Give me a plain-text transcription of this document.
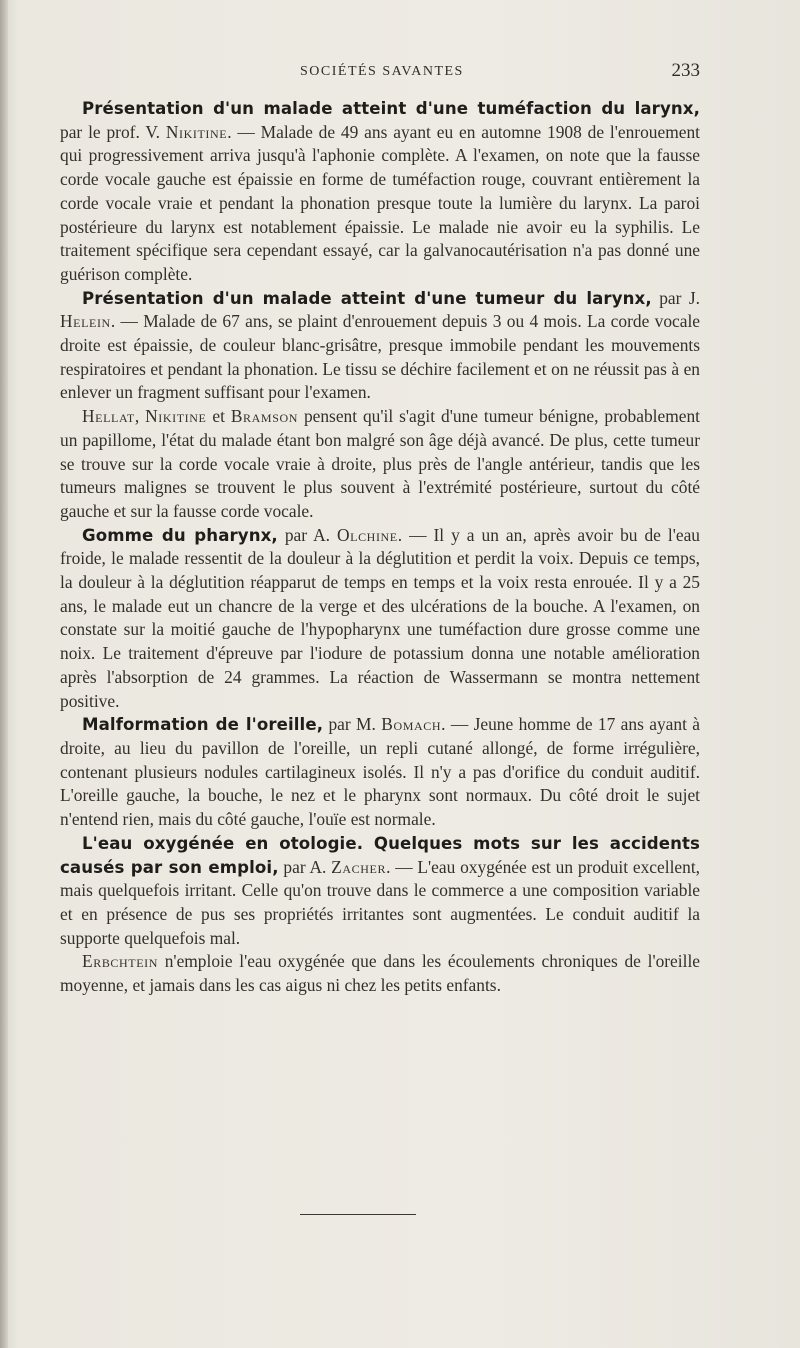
SOCIÉTÉS SAVANTES	233

Présentation d'un malade atteint d'une tuméfaction du larynx, par le prof. V. Nikitine. — Malade de 49 ans ayant eu en automne 1908 de l'enrouement qui progressivement arriva jusqu'à l'aphonie complète. A l'examen, on note que la fausse corde vocale gauche est épaissie en forme de tuméfaction rouge, couvrant entièrement la corde vocale vraie et pendant la phonation presque toute la lumière du larynx. La paroi postérieure du larynx est notablement épaissie. Le malade nie avoir eu la syphilis. Le traitement spécifique sera cependant essayé, car la galvanocautérisation n'a pas donné une guérison complète.

Présentation d'un malade atteint d'une tumeur du larynx, par J. Helein. — Malade de 67 ans, se plaint d'enrouement depuis 3 ou 4 mois. La corde vocale droite est épaissie, de couleur blanc-grisâtre, presque immobile pendant les mouvements respiratoires et pendant la phonation. Le tissu se déchire facilement et on ne réussit pas à en enlever un fragment suffisant pour l'examen.

Hellat, Nikitine et Bramson pensent qu'il s'agit d'une tumeur bénigne, probablement un papillome, l'état du malade étant bon malgré son âge déjà avancé. De plus, cette tumeur se trouve sur la corde vocale vraie à droite, plus près de l'angle antérieur, tandis que les tumeurs malignes se trouvent le plus souvent à l'extrémité postérieure, surtout du côté gauche et sur la fausse corde vocale.

Gomme du pharynx, par A. Olchine. — Il y a un an, après avoir bu de l'eau froide, le malade ressentit de la douleur à la déglutition et perdit la voix. Depuis ce temps, la douleur à la déglutition réapparut de temps en temps et la voix resta enrouée. Il y a 25 ans, le malade eut un chancre de la verge et des ulcérations de la bouche. A l'examen, on constate sur la moitié gauche de l'hypopharynx une tuméfaction dure grosse comme une noix. Le traitement d'épreuve par l'iodure de potassium donna une notable amélioration après l'absorption de 24 grammes. La réaction de Wassermann se montra nettement positive.

Malformation de l'oreille, par M. Bomach. — Jeune homme de 17 ans ayant à droite, au lieu du pavillon de l'oreille, un repli cutané allongé, de forme irrégulière, contenant plusieurs nodules cartilagineux isolés. Il n'y a pas d'orifice du conduit auditif. L'oreille gauche, la bouche, le nez et le pharynx sont normaux. Du côté droit le sujet n'entend rien, mais du côté gauche, l'ouïe est normale.

L'eau oxygénée en otologie. Quelques mots sur les accidents causés par son emploi, par A. Zacher. — L'eau oxygénée est un produit excellent, mais quelquefois irritant. Celle qu'on trouve dans le commerce a une composition variable et en présence de pus ses propriétés irritantes sont augmentées. Le conduit auditif la supporte quelquefois mal.

Erbchtein n'emploie l'eau oxygénée que dans les écoulements chroniques de l'oreille moyenne, et jamais dans les cas aigus ni chez les petits enfants.
